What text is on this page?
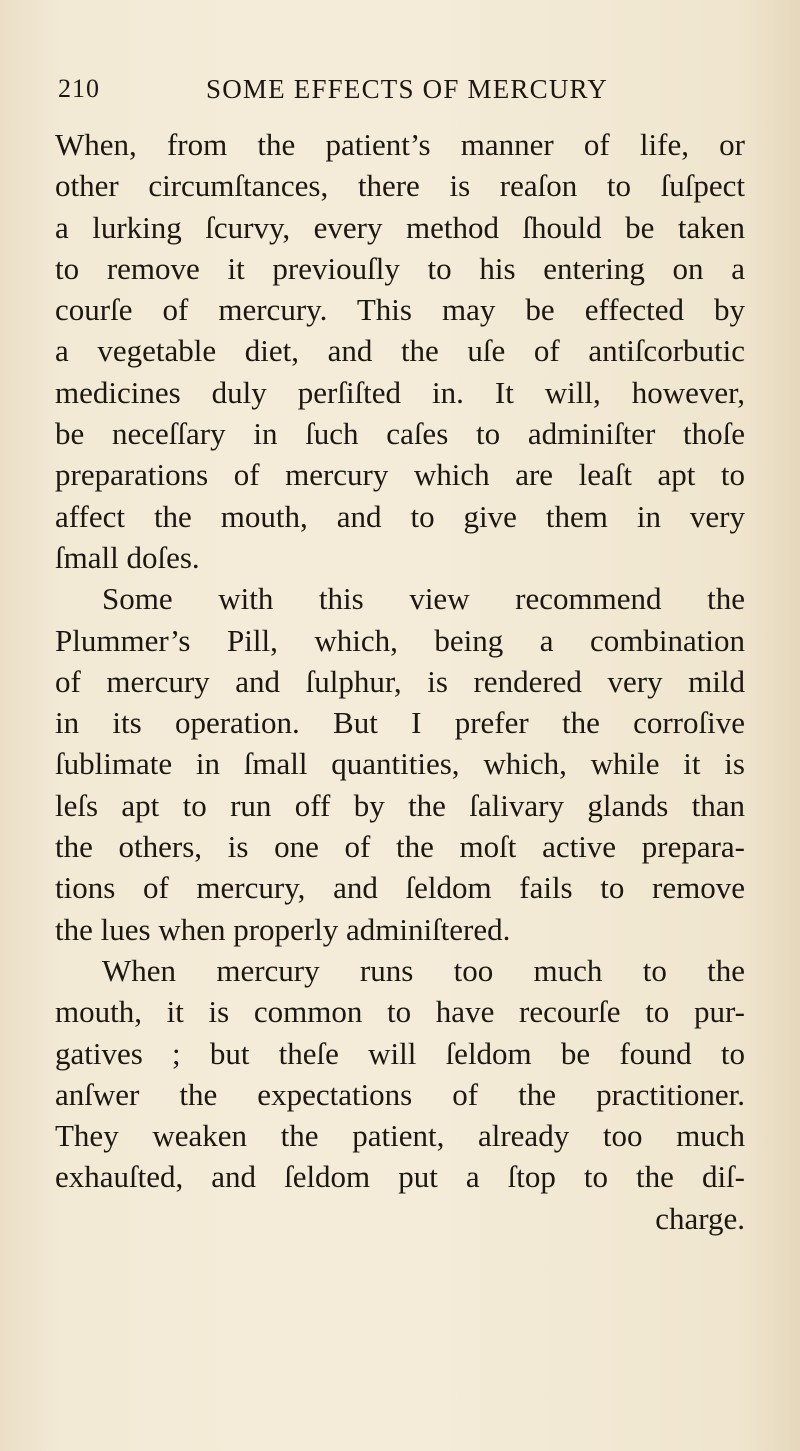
210	SOME EFFECTS OF MERCURY
When, from the patient’s manner of life, or
other circumſtances, there is reaſon to ſuſpect
a lurking ſcurvy, every method ſhould be taken
to remove it previouſly to his entering on a
courſe of mercury. This may be effected by
a vegetable diet, and the uſe of antiſcorbutic
medicines duly perſiſted in. It will, however,
be neceſſary in ſuch caſes to adminiſter thoſe
preparations of mercury which are leaſt apt to
affect the mouth, and to give them in very
ſmall doſes.
Some with this view recommend the
Plummer’s Pill, which, being a combination
of mercury and ſulphur, is rendered very mild
in its operation. But I prefer the corroſive
ſublimate in ſmall quantities, which, while it is
leſs apt to run off by the ſalivary glands than
the others, is one of the moſt active prepara-
tions of mercury, and ſeldom fails to remove
the lues when properly adminiſtered.
When mercury runs too much to the
mouth, it is common to have recourſe to pur-
gatives ; but theſe will ſeldom be found to
anſwer the expectations of the practitioner.
They weaken the patient, already too much
exhauſted, and ſeldom put a ſtop to the diſ-
charge.
